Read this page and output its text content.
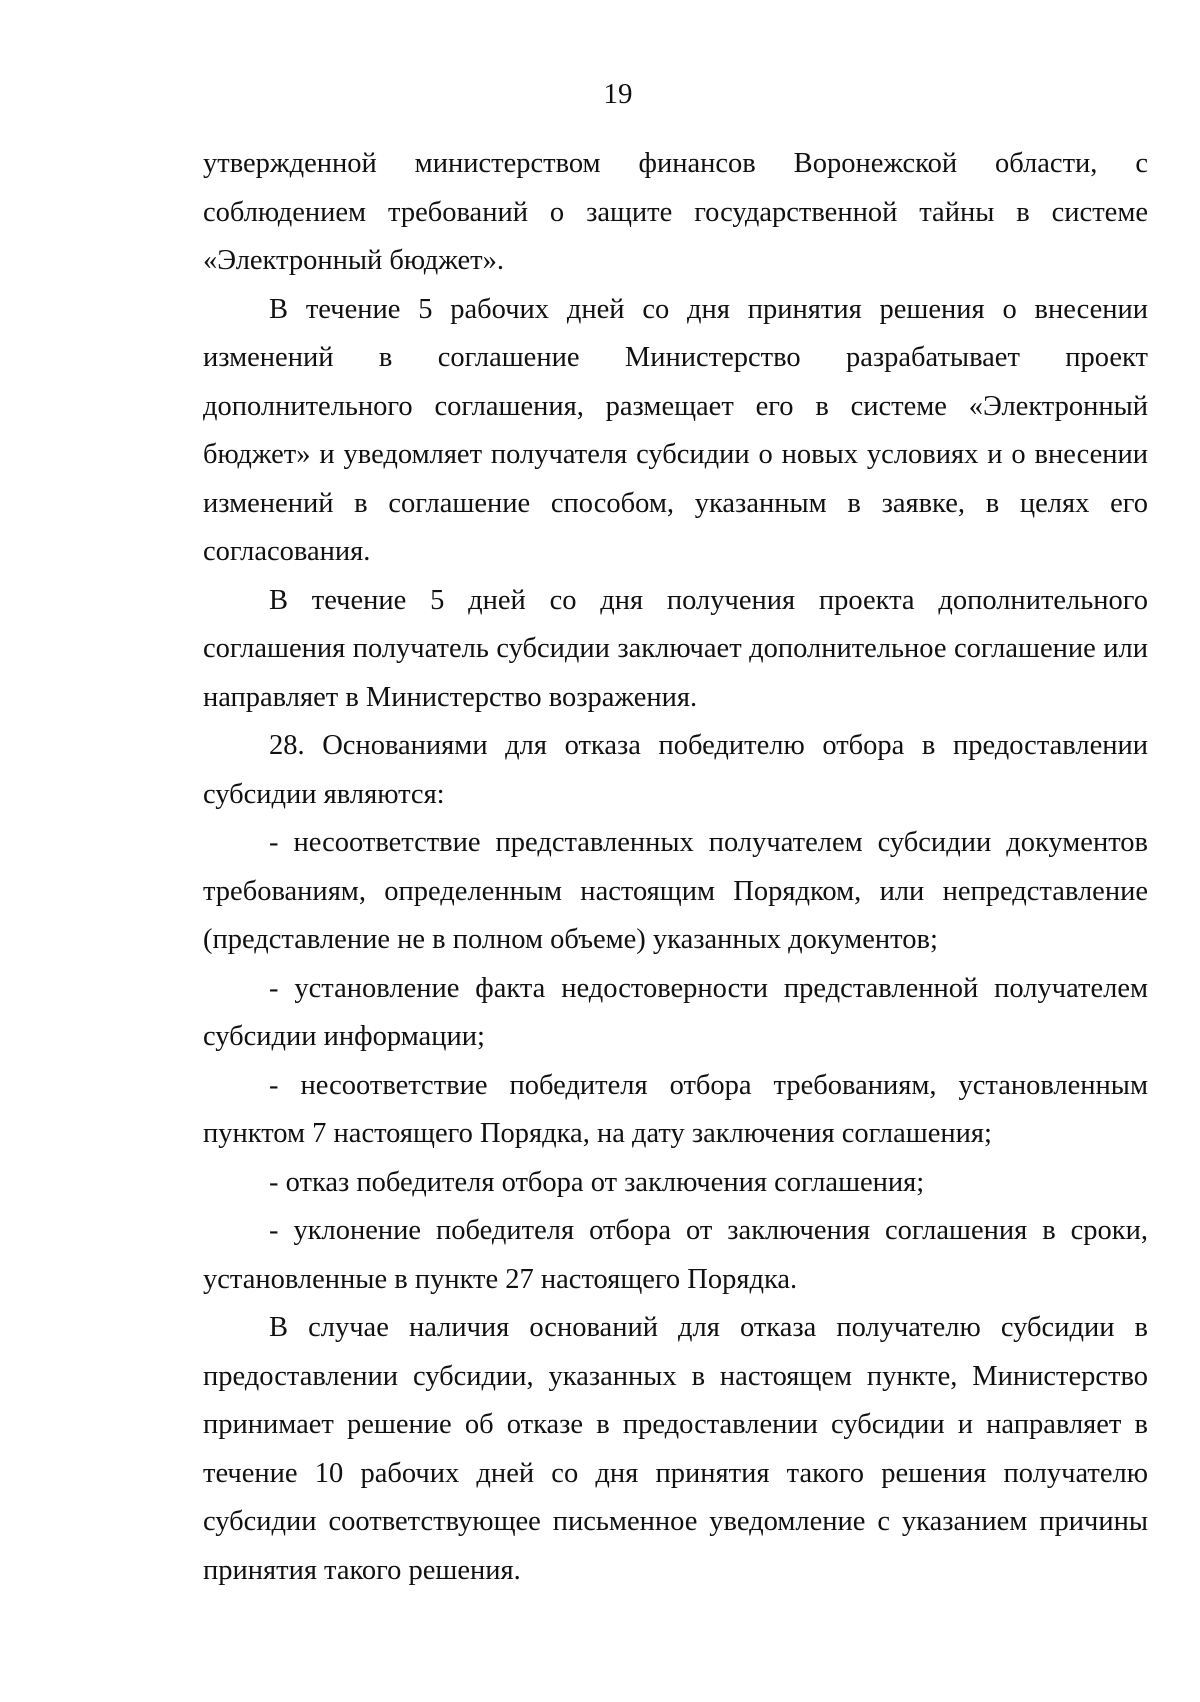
19

утвержденной министерством финансов Воронежской области, с соблюдением требований о защите государственной тайны в системе «Электронный бюджет».

В течение 5 рабочих дней со дня принятия решения о внесении изменений в соглашение Министерство разрабатывает проект дополнительного соглашения, размещает его в системе «Электронный бюджет» и уведомляет получателя субсидии о новых условиях и о внесении изменений в соглашение способом, указанным в заявке, в целях его согласования.

В течение 5 дней со дня получения проекта дополнительного соглашения получатель субсидии заключает дополнительное соглашение или направляет в Министерство возражения.

28. Основаниями для отказа победителю отбора в предоставлении субсидии являются:

- несоответствие представленных получателем субсидии документов требованиям, определенным настоящим Порядком, или непредставление (представление не в полном объеме) указанных документов;

- установление факта недостоверности представленной получателем субсидии информации;

- несоответствие победителя отбора требованиям, установленным пунктом 7 настоящего Порядка, на дату заключения соглашения;

- отказ победителя отбора от заключения соглашения;

- уклонение победителя отбора от заключения соглашения в сроки, установленные в пункте 27 настоящего Порядка.

В случае наличия оснований для отказа получателю субсидии в предоставлении субсидии, указанных в настоящем пункте, Министерство принимает решение об отказе в предоставлении субсидии и направляет в течение 10 рабочих дней со дня принятия такого решения получателю субсидии соответствующее письменное уведомление с указанием причины принятия такого решения.
